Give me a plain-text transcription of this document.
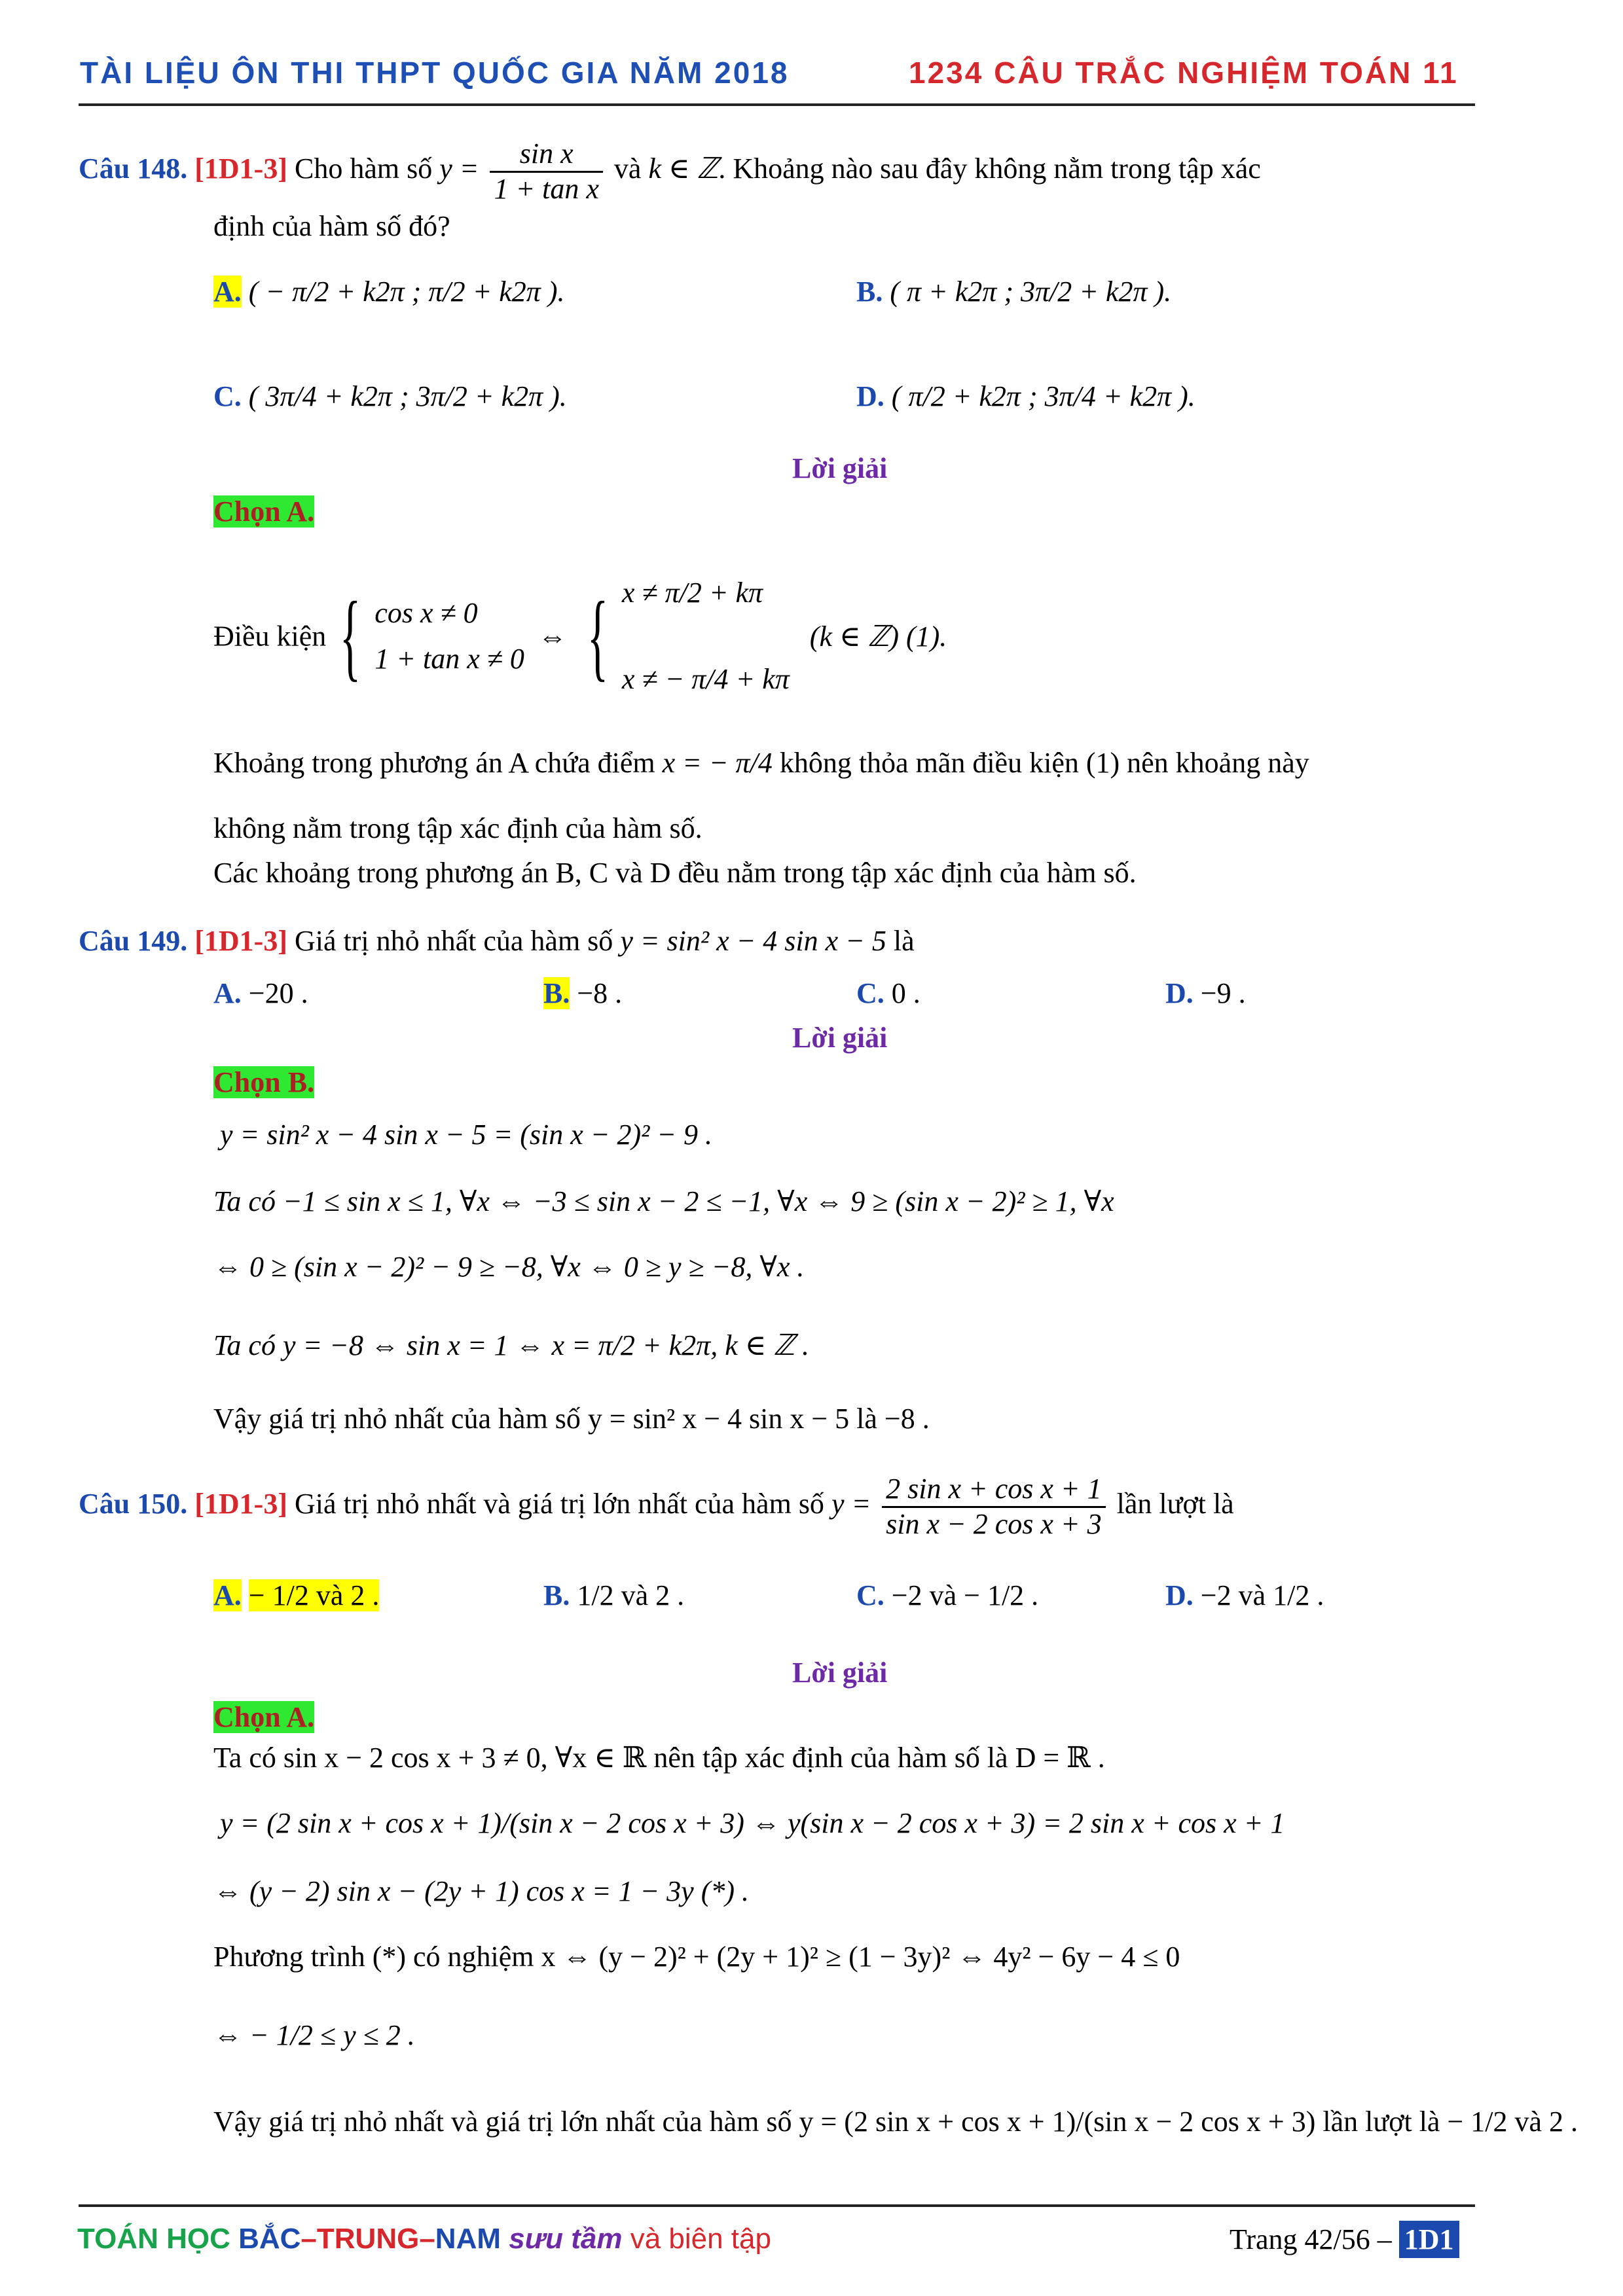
TÀI LIỆU ÔN THI THPT QUỐC GIA NĂM 2018	1234 CÂU TRẮC NGHIỆM TOÁN 11
Câu 148. [1D1-3] Cho hàm số $y = \frac{\text{sin x}}{\text{1 + tan x}}$ và k ∈ ℤ. Khoảng nào sau đây không nằm trong tập xác
định của hàm số đó?
A. ( − π/2 + k2π ; π/2 + k2π ).	B. ( π + k2π ; 3π/2 + k2π ).
C. ( 3π/4 + k2π ; 3π/2 + k2π ).	D. ( π/2 + k2π ; 3π/4 + k2π ).
Lời giải
Chọn A.
Điều kiện { cos x ≠ 0
1 + tan x ≠ 0
⇔ { x ≠ π/2 + kπ
x ≠ − π/4 + kπ
(k ∈ ℤ) (1).
Khoảng trong phương án A chứa điểm x = − π/4 không thỏa mãn điều kiện (1) nên khoảng này
không nằm trong tập xác định của hàm số.
Các khoảng trong phương án B, C và D đều nằm trong tập xác định của hàm số.
Câu 149. [1D1-3] Giá trị nhỏ nhất của hàm số y = sin² x − 4 sin x − 5 là
A. −20 .	B. −8 .	C. 0 .	D. −9 .
Lời giải
Chọn B.
y = sin² x − 4 sin x − 5 = (sin x − 2)² − 9 .
Ta có −1 ≤ sin x ≤ 1, ∀x ⇔ −3 ≤ sin x − 2 ≤ −1, ∀x ⇔ 9 ≥ (sin x − 2)² ≥ 1, ∀x
⇔ 0 ≥ (sin x − 2)² − 9 ≥ −8, ∀x ⇔ 0 ≥ y ≥ −8, ∀x .
Ta có y = −8 ⇔ sin x = 1 ⇔ x = π/2 + k2π, k ∈ ℤ .
Vậy giá trị nhỏ nhất của hàm số y = sin² x − 4 sin x − 5 là −8 .
Câu 150. [1D1-3] Giá trị nhỏ nhất và giá trị lớn nhất của hàm số $y = \frac{\text{2 sin x + cos x + 1}}{\text{sin x − 2 cos x + 3}}$ lần lượt là
A. − 1/2 và 2 .	B. 1/2 và 2 .	C. −2 và − 1/2 .	D. −2 và 1/2 .
Lời giải
Chọn A.
Ta có sin x − 2 cos x + 3 ≠ 0, ∀x ∈ ℝ nên tập xác định của hàm số là D = ℝ .
y = (2 sin x + cos x + 1)/(sin x − 2 cos x + 3) ⇔ y(sin x − 2 cos x + 3) = 2 sin x + cos x + 1
⇔ (y − 2) sin x − (2y + 1) cos x = 1 − 3y (*) .
Phương trình (*) có nghiệm x ⇔ (y − 2)² + (2y + 1)² ≥ (1 − 3y)² ⇔ 4y² − 6y − 4 ≤ 0
⇔ − 1/2 ≤ y ≤ 2 .
Vậy giá trị nhỏ nhất và giá trị lớn nhất của hàm số y = (2 sin x + cos x + 1)/(sin x − 2 cos x + 3) lần lượt là − 1/2 và 2 .
TOÁN HỌC BẮC–TRUNG–NAM sưu tầm và biên tập	Trang 42/56 – 1D1
